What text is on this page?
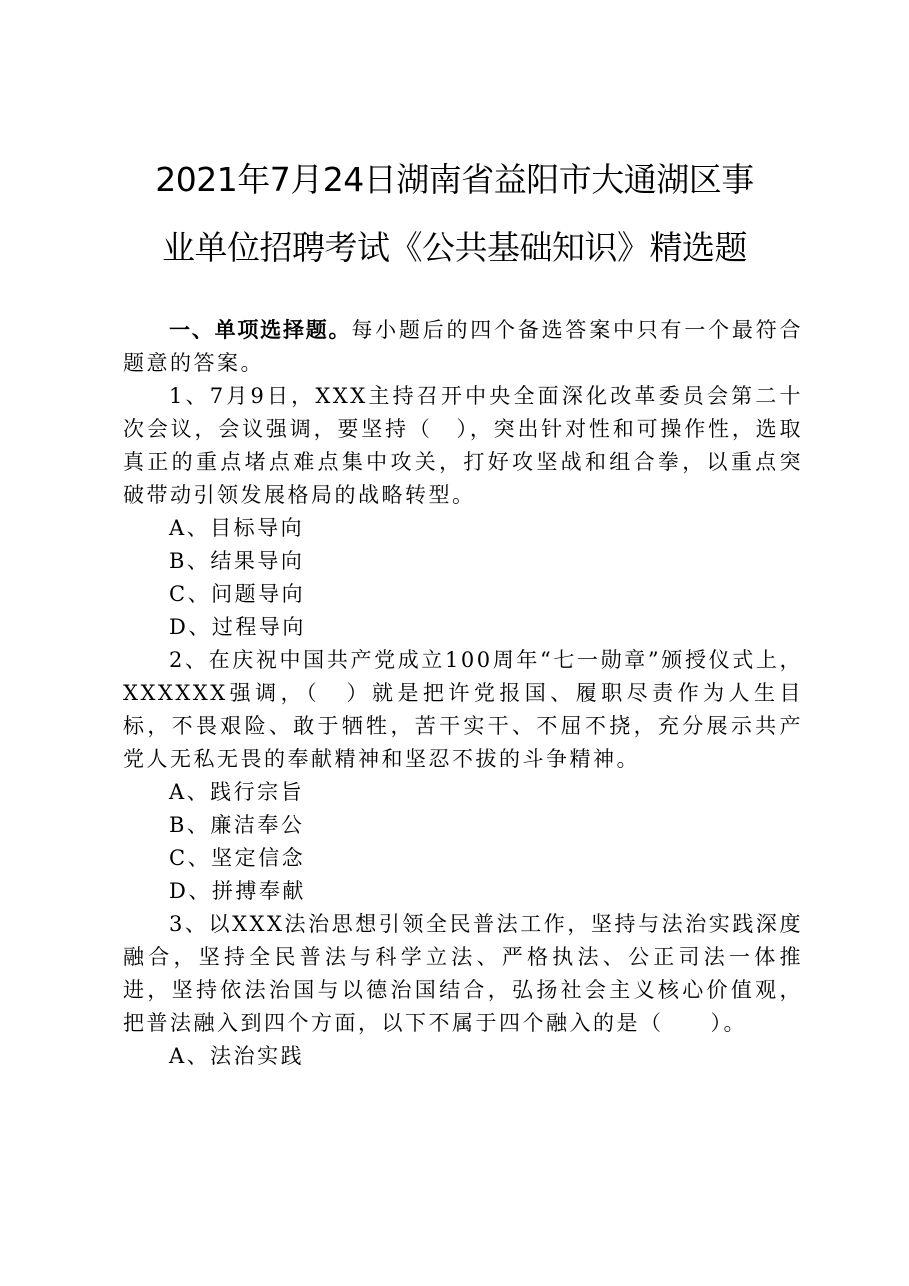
2021年7月24日湖南省益阳市大通湖区事
业单位招聘考试《公共基础知识》精选题

一、单项选择题。每小题后的四个备选答案中只有一个最符合题意的答案。

1、7月9日，XXX主持召开中央全面深化改革委员会第二十次会议，会议强调，要坚持（　），突出针对性和可操作性，选取真正的重点堵点难点集中攻关，打好攻坚战和组合拳，以重点突破带动引领发展格局的战略转型。

A、目标导向

B、结果导向

C、问题导向

D、过程导向

2、在庆祝中国共产党成立100周年“七一勋章”颁授仪式上，XXXXXX强调，（　）就是把许党报国、履职尽责作为人生目标，不畏艰险、敢于牺牲，苦干实干、不屈不挠，充分展示共产党人无私无畏的奉献精神和坚忍不拔的斗争精神。

A、践行宗旨

B、廉洁奉公

C、坚定信念

D、拼搏奉献

3、以XXX法治思想引领全民普法工作，坚持与法治实践深度融合，坚持全民普法与科学立法、严格执法、公正司法一体推进，坚持依法治国与以德治国结合，弘扬社会主义核心价值观，把普法融入到四个方面，以下不属于四个融入的是（　　）。

A、法治实践
